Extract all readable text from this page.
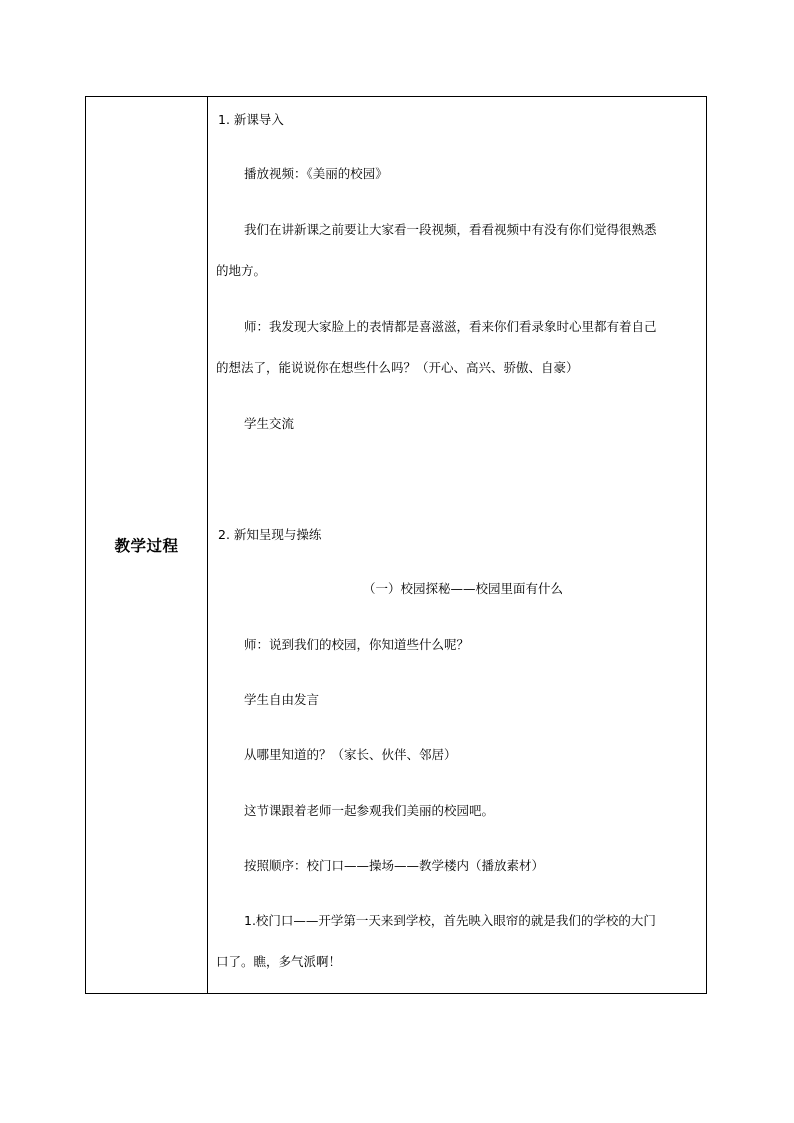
教学过程
1. 新课导入
播放视频：《美丽的校园》
我们在讲新课之前要让大家看一段视频，看看视频中有没有你们觉得很熟悉
的地方。
师：我发现大家脸上的表情都是喜滋滋，看来你们看录象时心里都有着自己
的想法了，能说说你在想些什么吗？（开心、高兴、骄傲、自豪）
学生交流
2. 新知呈现与操练
（一）校园探秘——校园里面有什么
师：说到我们的校园，你知道些什么呢？
学生自由发言
从哪里知道的？（家长、伙伴、邻居）
这节课跟着老师一起参观我们美丽的校园吧。
按照顺序：校门口——操场——教学楼内（播放素材）
1.校门口——开学第一天来到学校，首先映入眼帘的就是我们的学校的大门
口了。瞧，多气派啊！
